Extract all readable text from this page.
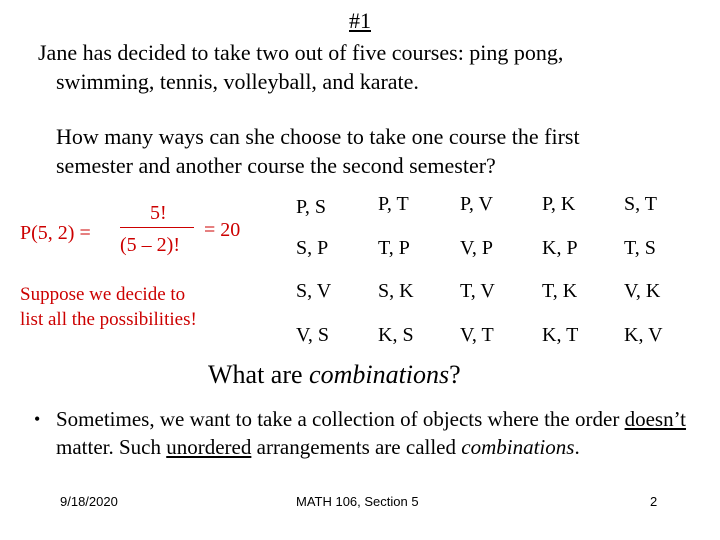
#1
Jane has decided to take two out of five courses: ping pong,
swimming, tennis, volleyball, and karate.
How many ways can she choose to take one course the first
semester and another course the second semester?
P(5, 2) =
5!
(5 – 2)!
= 20
Suppose we decide to
list all the possibilities!
P, S	P, T	P, V	P, K	S, T
S, P	T, P	V, P	K, P	T, S
S, V	S, K	T, V	T, K	V, K
V, S	K, S	V, T	K, T	K, V
What are combinations?
• Sometimes, we want to take a collection of objects where the order doesn’t matter. Such unordered arrangements are called combinations.
9/18/2020	MATH 106, Section 5	2
